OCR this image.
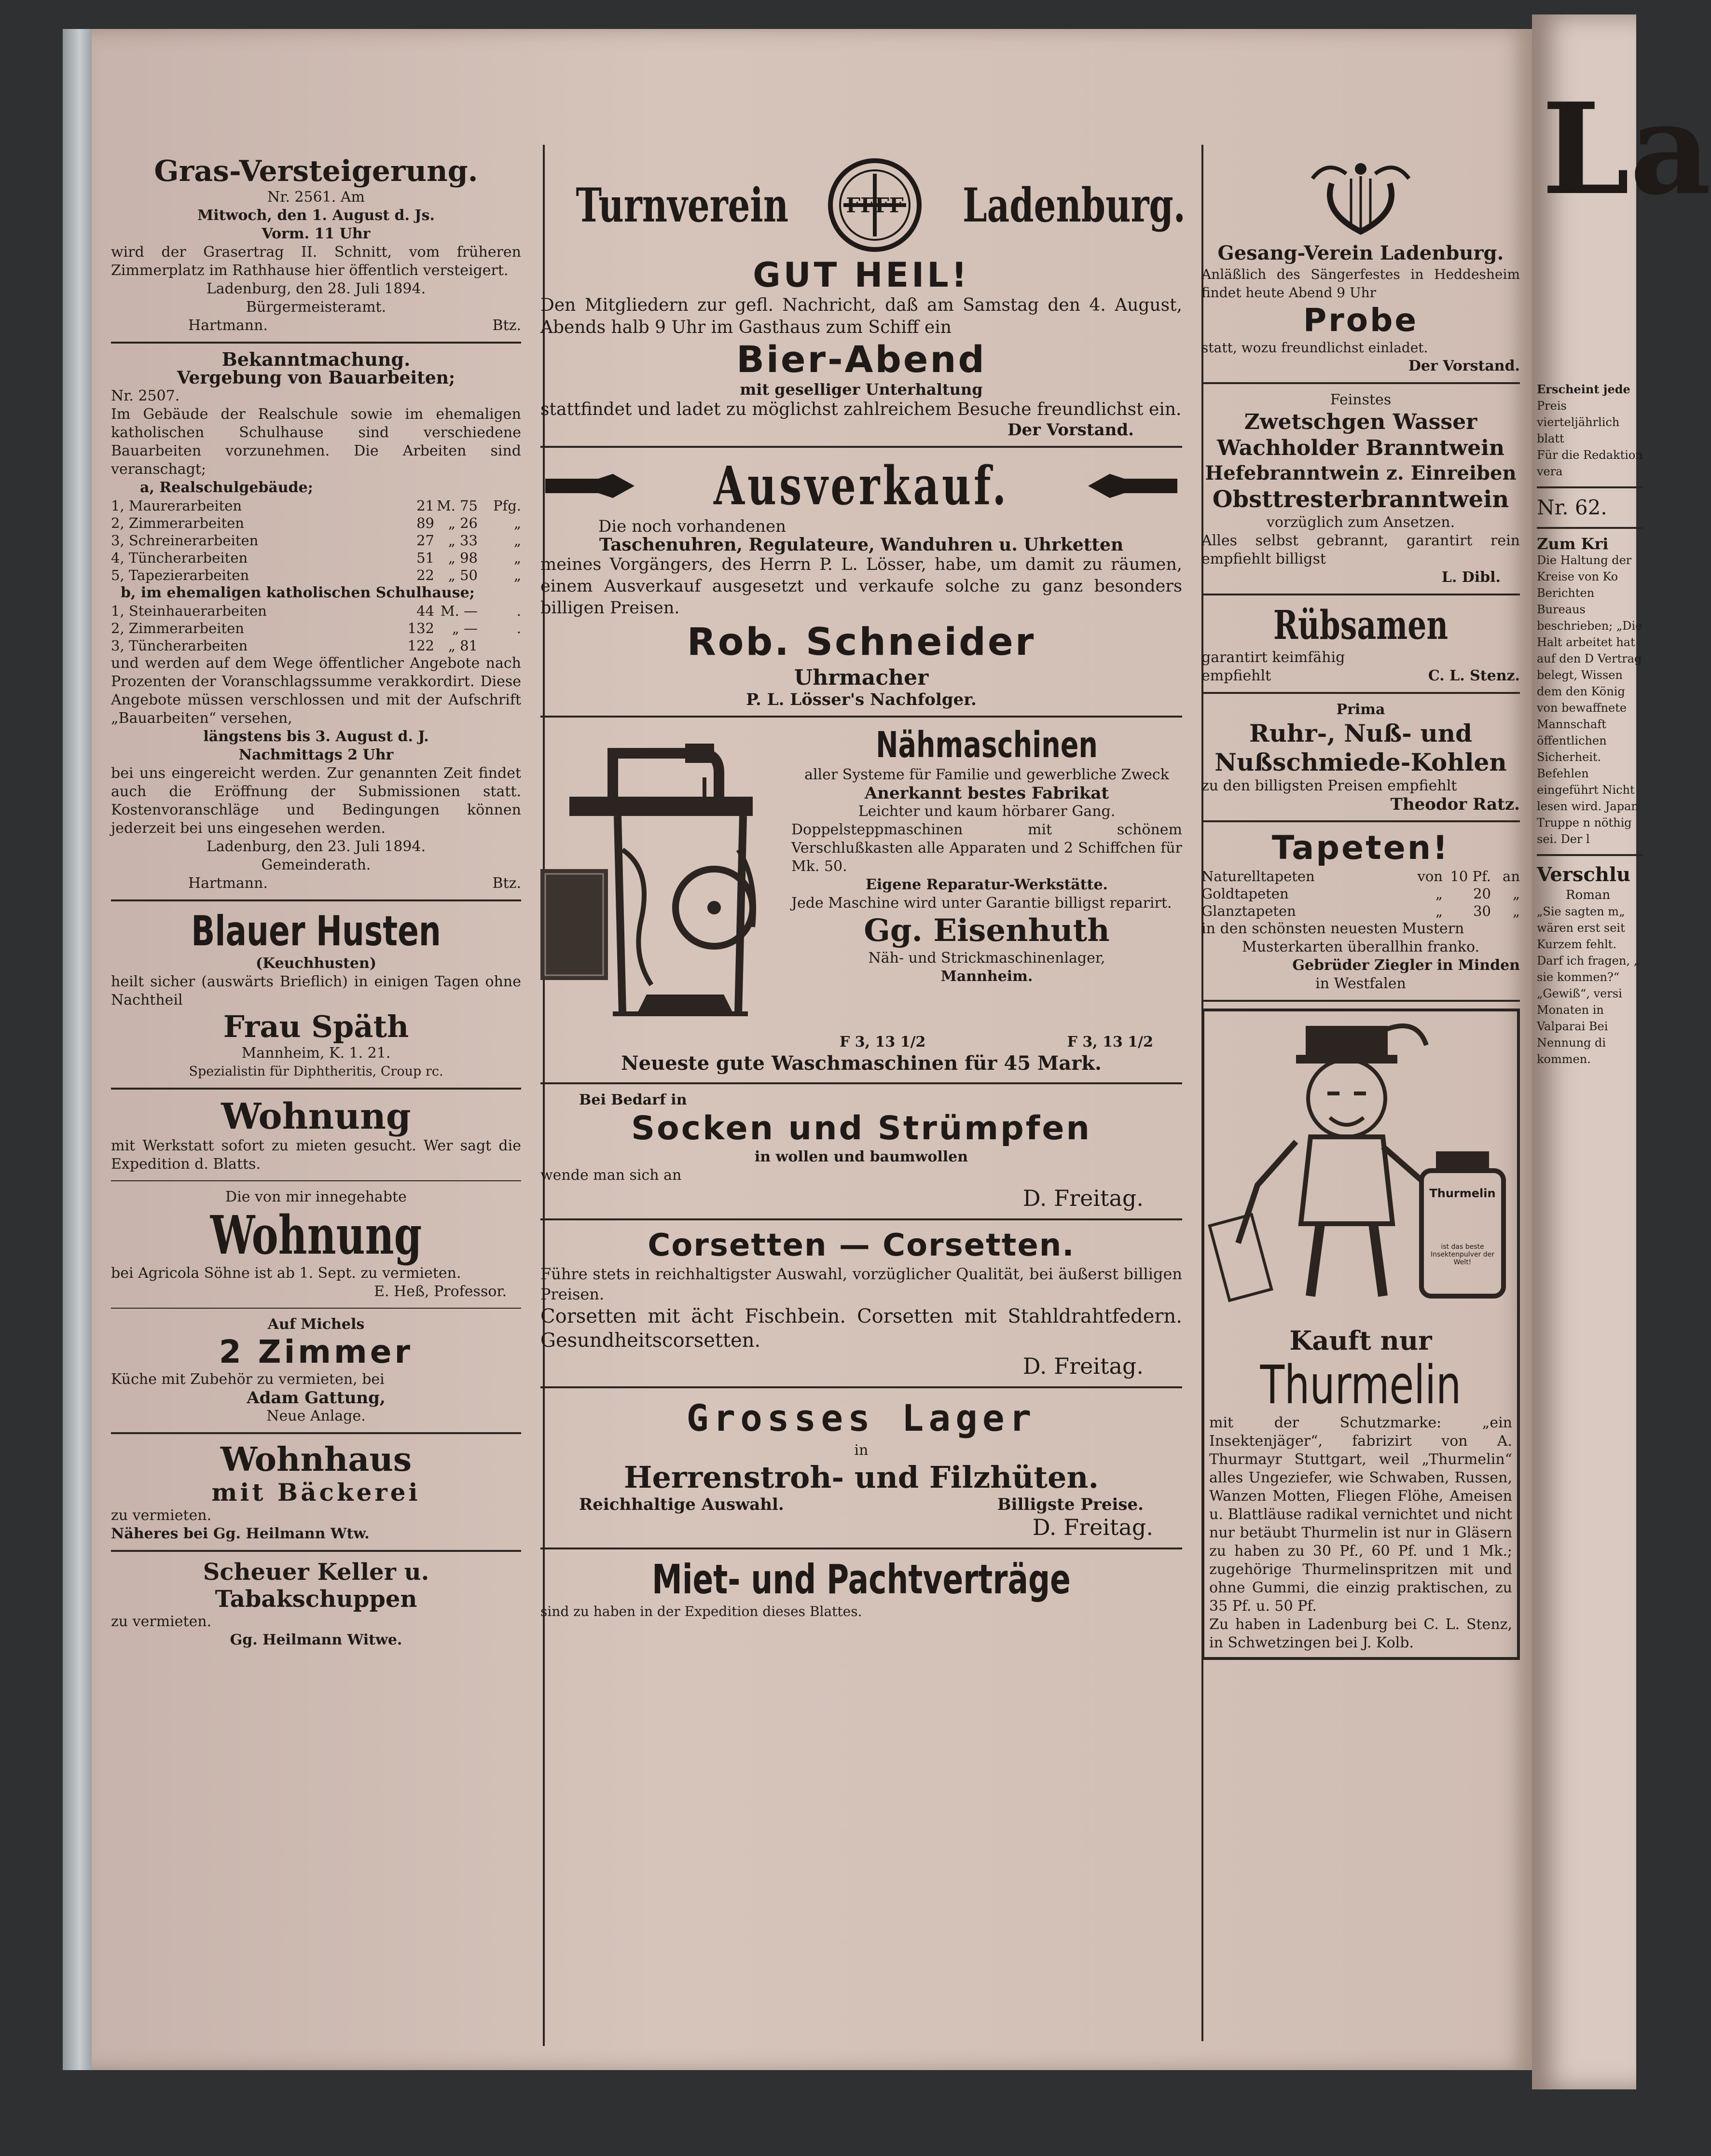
Gras-Versteigerung.
Nr. 2561. Am
Mitwoch, den 1. August d. Js.
Vorm. 11 Uhr
wird der Grasertrag II. Schnitt, vom früheren Zimmerplatz im Rathhause hier öffentlich versteigert.
Ladenburg, den 28. Juli 1894.
Bürgermeisteramt.
Hartmann.	Btz.
Bekanntmachung.
Vergebung von Bauarbeiten;
Nr. 2507.
Im Gebäude der Realschule sowie im ehemaligen katholischen Schulhause sind verschiedene Bauarbeiten vorzunehmen. Die Arbeiten sind veranschagt;
a, Realschulgebäude;
1, Maurerarbeiten	21 M. 75	Pfg.
2, Zimmerarbeiten	89 „ 26	„
3, Schreinerarbeiten	27 „ 33	„
4, Tüncherarbeiten	51 „ 98	„
5, Tapezierarbeiten	22 „ 50	„
b, im ehemaligen katholischen Schulhause;
1, Steinhauerarbeiten	44 M. —	.
2, Zimmerarbeiten	132	„ —	.
3, Tüncherarbeiten	122 „ 81
und werden auf dem Wege öffentlicher Angebote nach Prozenten der Voranschlagssumme verakkordirt. Diese Angebote müssen verschlossen und mit der Aufschrift „Bauarbeiten“ versehen,
längstens bis 3. August d. J.
Nachmittags 2 Uhr
bei uns eingereicht werden. Zur genannten Zeit findet auch die Eröffnung der Submissionen statt. Kostenvoranschläge und Bedingungen können jederzeit bei uns eingesehen werden.
Ladenburg, den 23. Juli 1894.
Gemeinderath.
Hartmann.	Btz.
Blauer Husten
(Keuchhusten)
heilt sicher (auswärts Brieflich) in einigen Tagen ohne Nachtheil
Frau Späth
Mannheim, K. 1. 21.
Spezialistin für Diphtheritis, Croup rc.
Wohnung
mit Werkstatt sofort zu mieten gesucht. Wer sagt die Expedition d. Blatts.
Die von mir innegehabte
Wohnung
bei Agricola Söhne ist ab 1. Sept. zu vermieten.
E. Heß, Professor.
Auf Michels
2 Zimmer
Küche mit Zubehör zu vermieten, bei
Adam Gattung,
Neue Anlage.
Wohnhaus
mit Bäckerei
zu vermieten.
Näheres bei Gg. Heilmann Wtw.
Scheuer Keller u.
Tabakschuppen
zu vermieten.
Gg. Heilmann Witwe.
Turnverein	FFFF Ladenburg.
GUT HEIL!
Den Mitgliedern zur gefl. Nachricht, daß am Samstag den 4. August, Abends halb 9 Uhr im Gasthaus zum Schiff ein
Bier-Abend
mit geselliger Unterhaltung
stattfindet und ladet zu möglichst zahlreichem Besuche freundlichst ein.
Der Vorstand.
Ausverkauf.
Die noch vorhandenen
Taschenuhren, Regulateure, Wanduhren u. Uhrketten
meines Vorgängers, des Herrn P. L. Lösser, habe, um damit zu räumen, einem Ausverkauf ausgesetzt und verkaufe solche zu ganz besonders billigen Preisen.
Rob. Schneider
Uhrmacher
P. L. Lösser's Nachfolger.
Nähmaschinen
aller Systeme für Familie und gewerbliche Zweck
Anerkannt bestes Fabrikat
Leichter und kaum hörbarer Gang.
Doppelsteppmaschinen mit schönem Verschlußkasten alle Apparaten und 2 Schiffchen für Mk. 50.
Eigene Reparatur-Werkstätte.
Jede Maschine wird unter Garantie billigst reparirt.
Gg. Eisenhuth
Näh- und Strickmaschinenlager,
Mannheim.
F 3, 13 1/2	F 3, 13 1/2
Neueste gute Waschmaschinen für 45 Mark.
Bei Bedarf in
Socken und Strümpfen
in wollen und baumwollen
wende man sich an
D. Freitag.
Corsetten — Corsetten.
Führe stets in reichhaltigster Auswahl, vorzüglicher Qualität, bei äußerst billigen Preisen.
Corsetten mit ächt Fischbein. Corsetten mit Stahldrahtfedern. Gesundheitscorsetten.
D. Freitag.
Grosses Lager
in
Herrenstroh- und Filzhüten.
Reichhaltige Auswahl.	Billigste Preise.
D. Freitag.
Miet- und Pachtverträge
sind zu haben in der Expedition dieses Blattes.
Gesang-Verein Ladenburg.
Anläßlich des Sängerfestes in Heddesheim findet heute Abend 9 Uhr
Probe
statt, wozu freundlichst einladet.
Der Vorstand.
Feinstes
Zwetschgen Wasser
Wachholder Branntwein
Hefebranntwein z. Einreiben
Obsttresterbranntwein
vorzüglich zum Ansetzen.
Alles selbst gebrannt, garantirt rein empfiehlt billigst
L. Dibl.
Rübsamen
garantirt keimfähig
empfiehlt	C. L. Stenz.
Prima
Ruhr-, Nuß- und
Nußschmiede-Kohlen
zu den billigsten Preisen empfiehlt
Theodor Ratz.
Tapeten!
Naturelltapeten	von 10 Pf. an
Goldtapeten	„	20	„
Glanztapeten	„	30	„
in den schönsten neuesten Mustern
Musterkarten überallhin franko.
Gebrüder Ziegler in Minden
in Westfalen
Thurmelin
ist das beste Insektenpulver der Welt!
Kauft nur
Thurmelin
mit der Schutzmarke: „ein Insektenjäger“, fabrizirt von A. Thurmayr Stuttgart, weil „Thurmelin“ alles Ungeziefer, wie Schwaben, Russen, Wanzen Motten, Fliegen Flöhe, Ameisen u. Blattläuse radikal vernichtet und nicht nur betäubt Thurmelin ist nur in Gläsern zu haben zu 30 Pf., 60 Pf. und 1 Mk.; zugehörige Thurmelinspritzen mit und ohne Gummi, die einzig praktischen, zu 35 Pf. u. 50 Pf.
Zu haben in Ladenburg bei C. L. Stenz, in Schwetzingen bei J. Kolb.
La
Erscheint jede
Preis vierteljährlich
blatt
Für die Redaktion vera
Nr. 62.
Zum Kri
Die Haltung der Kreise von Ko Berichten Bureaus beschrieben; „Die Halt arbeitet hat auf den D Vertrag belegt, Wissen dem den König von bewaffnete Mannschaft öffentlichen Sicherheit. Befehlen eingeführt Nicht lesen wird. Japan Truppe n nöthig sei. Der l
Verschlu
Roman
„Sie sagten m„ wären erst seit Kurzem fehlt. Darf ich fragen, „ sie kommen?“ „Gewiß“, versi Monaten in Valparai Bei Nennung di kommen.
